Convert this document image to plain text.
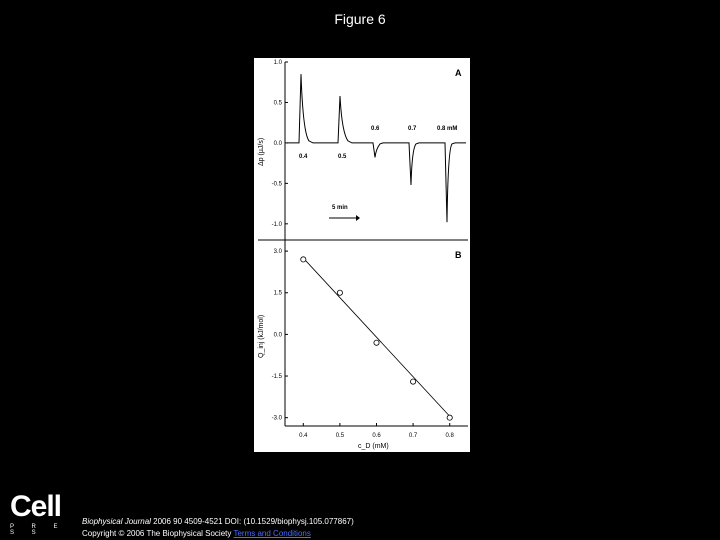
Figure 6
A
B
Δp (µJ/s)
Q_inj (kJ/mol)
c_D (mM)
5 min
1.0
0.5
0.0
-0.5
-1.0
0.4	0.5
0.6	0.7	0.8 mM
3.0
1.5
0.0
-1.5
-3.0
0.4	0.5	0.6	0.7	0.8
Cell
P R E S S
Biophysical Journal 2006 90 4509-4521 DOI: (10.1529/biophysj.105.077867)
Copyright © 2006 The Biophysical Society Terms and Conditions
